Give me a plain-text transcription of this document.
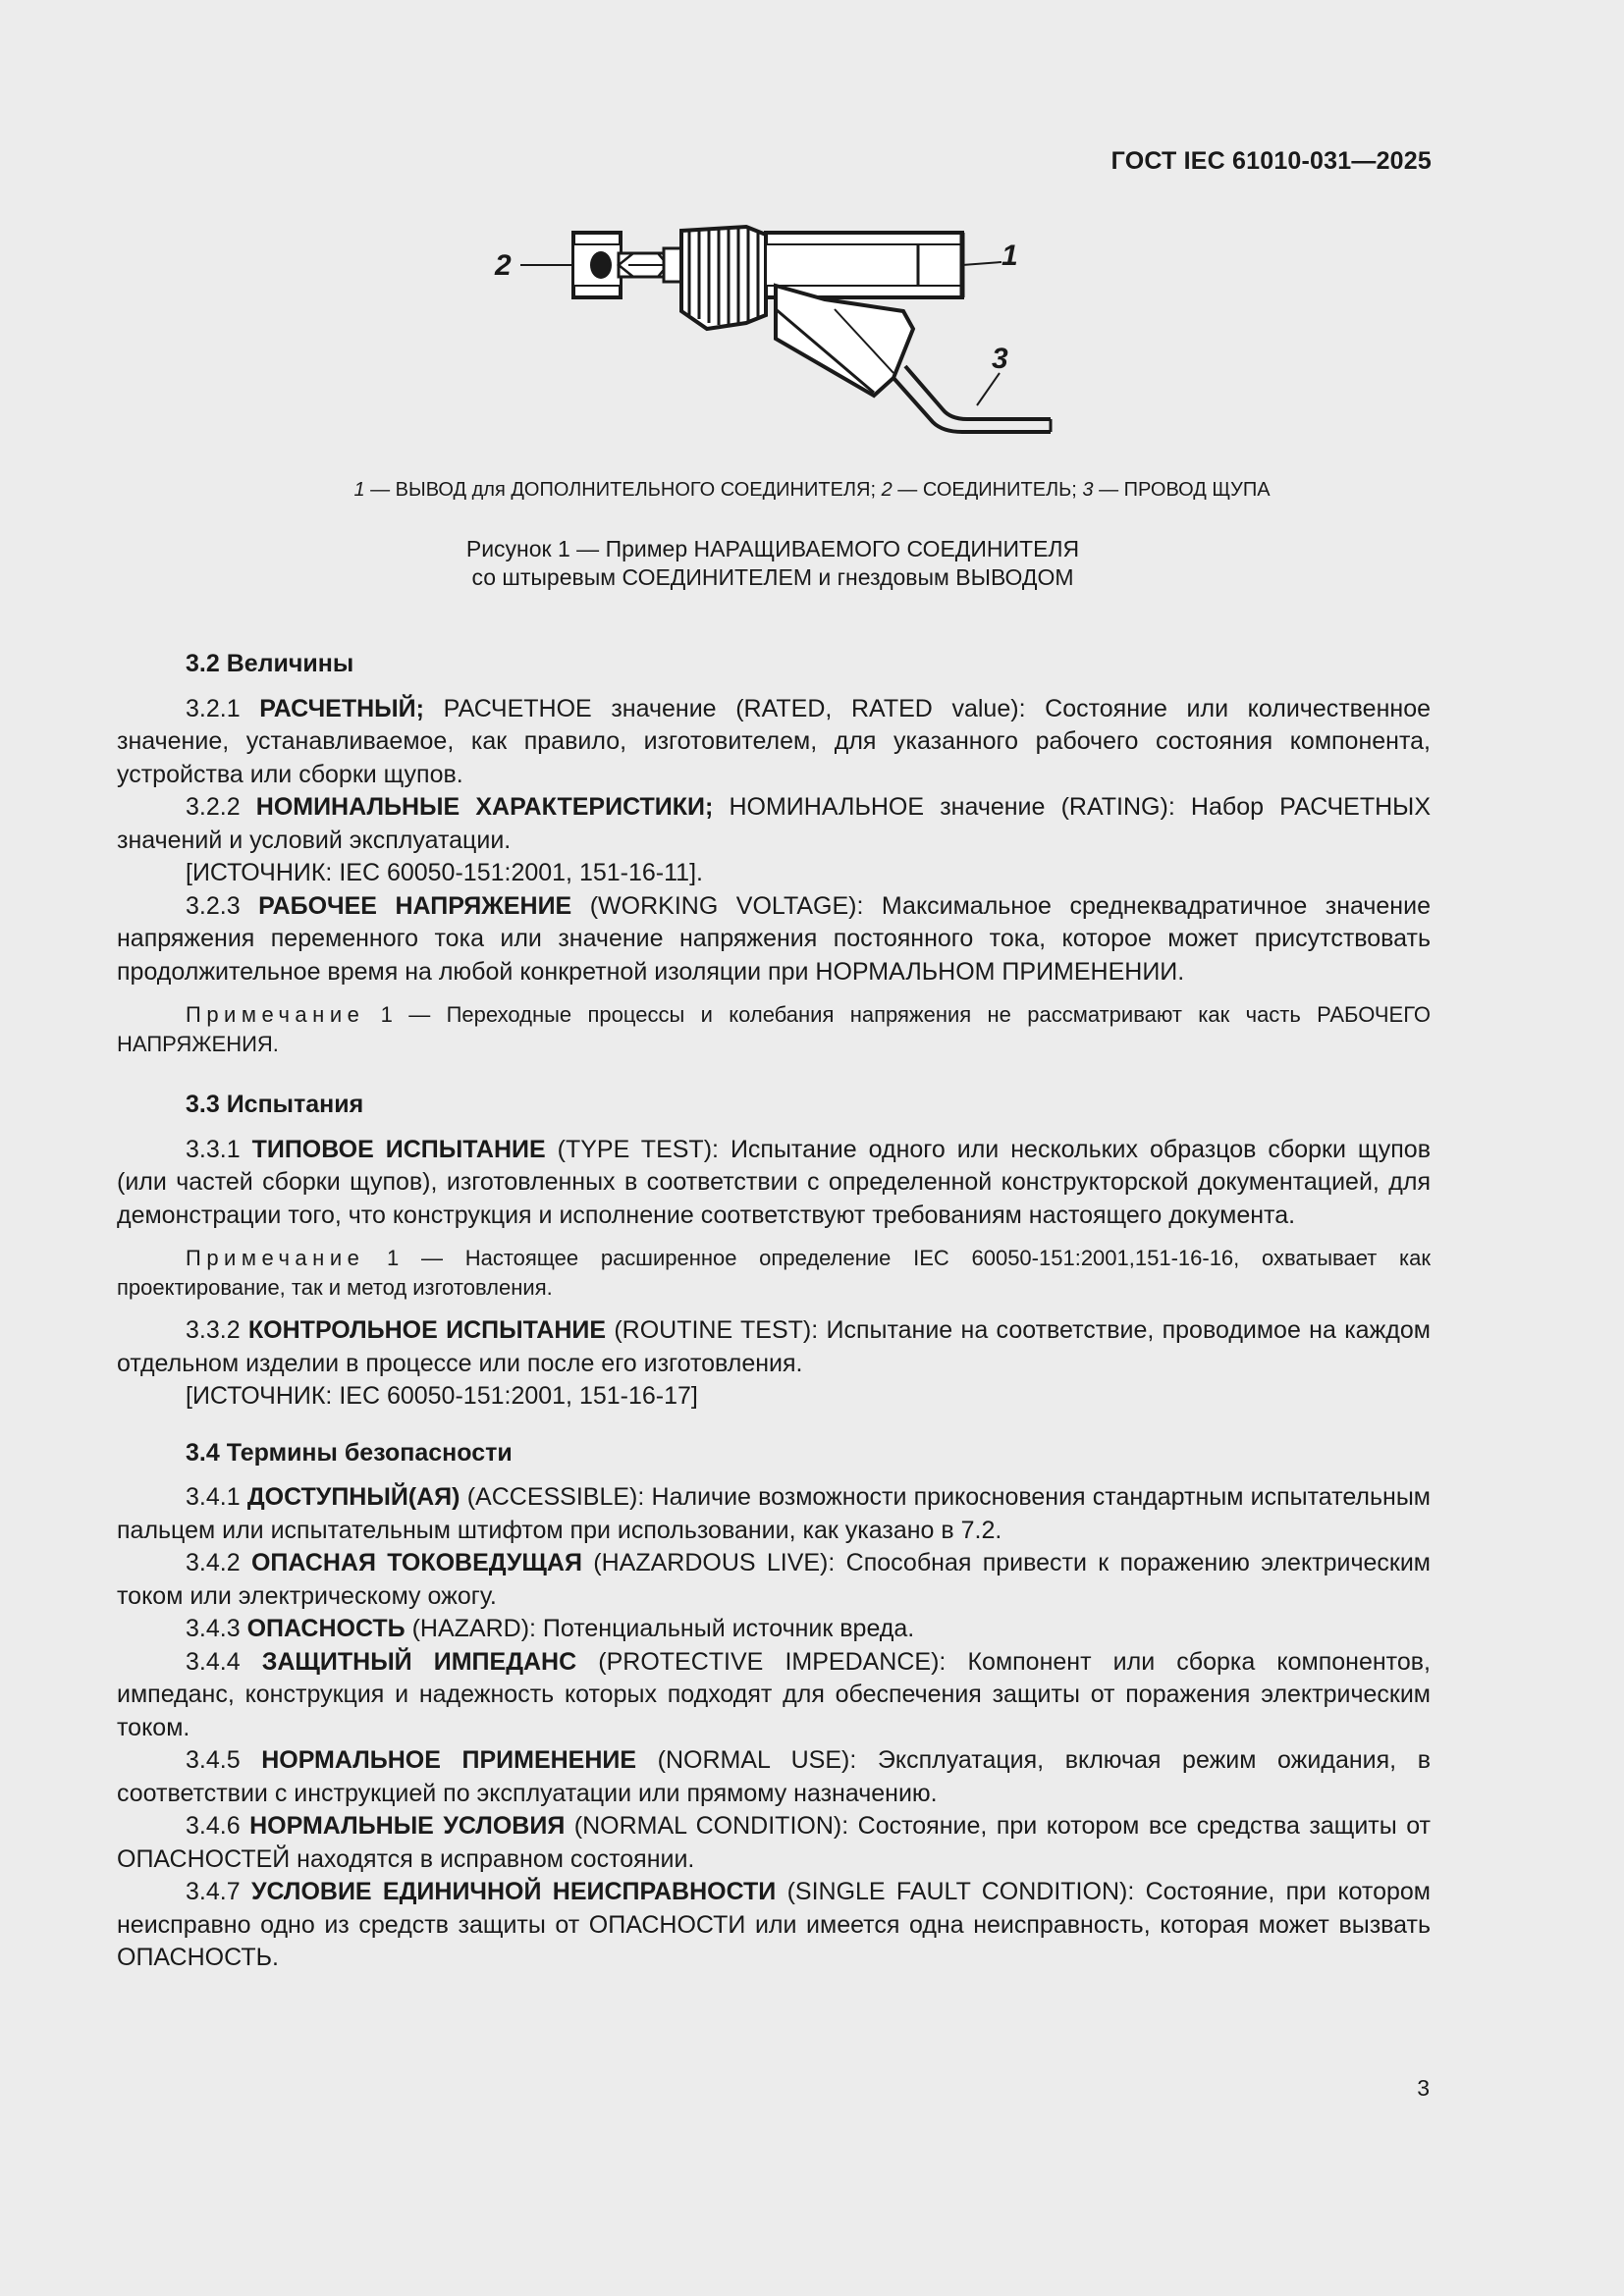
ГОСТ IEC 61010-031—2025
2	1
3
1 — ВЫВОД для ДОПОЛНИТЕЛЬНОГО СОЕДИНИТЕЛЯ; 2 — СОЕДИНИТЕЛЬ; 3 — ПРОВОД ЩУПА
Рисунок 1 — Пример НАРАЩИВАЕМОГО СОЕДИНИТЕЛЯ
со штыревым СОЕДИНИТЕЛЕМ и гнездовым ВЫВОДОМ

3.2 Величины

3.2.1 РАСЧЕТНЫЙ; РАСЧЕТНОЕ значение (RATED, RATED value): Состояние или количественное значение, устанавливаемое, как правило, изготовителем, для указанного рабочего состояния компонента, устройства или сборки щупов.

3.2.2 НОМИНАЛЬНЫЕ ХАРАКТЕРИСТИКИ; НОМИНАЛЬНОЕ значение (RATING): Набор РАСЧЕТНЫХ значений и условий эксплуатации.

[ИСТОЧНИК: IEC 60050-151:2001, 151-16-11].

3.2.3 РАБОЧЕЕ НАПРЯЖЕНИЕ (WORKING VOLTAGE): Максимальное среднеквадратичное значение напряжения переменного тока или значение напряжения постоянного тока, которое может присутствовать продолжительное время на любой конкретной изоляции при НОРМАЛЬНОМ ПРИМЕНЕНИИ.

Примечание 1 — Переходные процессы и колебания напряжения не рассматривают как часть РАБОЧЕГО НАПРЯЖЕНИЯ.

3.3 Испытания

3.3.1 ТИПОВОЕ ИСПЫТАНИЕ (TYPE TEST): Испытание одного или нескольких образцов сборки щупов (или частей сборки щупов), изготовленных в соответствии с определенной конструкторской документацией, для демонстрации того, что конструкция и исполнение соответствуют требованиям настоящего документа.

Примечание 1 — Настоящее расширенное определение IEC 60050-151:2001,151-16-16, охватывает как проектирование, так и метод изготовления.

3.3.2 КОНТРОЛЬНОЕ ИСПЫТАНИЕ (ROUTINE TEST): Испытание на соответствие, проводимое на каждом отдельном изделии в процессе или после его изготовления.

[ИСТОЧНИК: IEC 60050-151:2001, 151-16-17]

3.4 Термины безопасности

3.4.1 ДОСТУПНЫЙ(АЯ) (ACCESSIBLE): Наличие возможности прикосновения стандартным испытательным пальцем или испытательным штифтом при использовании, как указано в 7.2.

3.4.2 ОПАСНАЯ ТОКОВЕДУЩАЯ (HAZARDOUS LIVE): Способная привести к поражению электрическим током или электрическому ожогу.

3.4.3 ОПАСНОСТЬ (HAZARD): Потенциальный источник вреда.

3.4.4 ЗАЩИТНЫЙ ИМПЕДАНС (PROTECTIVE IMPEDANCE): Компонент или сборка компонентов, импеданс, конструкция и надежность которых подходят для обеспечения защиты от поражения электрическим током.

3.4.5 НОРМАЛЬНОЕ ПРИМЕНЕНИЕ (NORMAL USE): Эксплуатация, включая режим ожидания, в соответствии с инструкцией по эксплуатации или прямому назначению.

3.4.6 НОРМАЛЬНЫЕ УСЛОВИЯ (NORMAL CONDITION): Состояние, при котором все средства защиты от ОПАСНОСТЕЙ находятся в исправном состоянии.

3.4.7 УСЛОВИЕ ЕДИНИЧНОЙ НЕИСПРАВНОСТИ (SINGLE FAULT CONDITION): Состояние, при котором неисправно одно из средств защиты от ОПАСНОСТИ или имеется одна неисправность, которая может вызвать ОПАСНОСТЬ.

3
